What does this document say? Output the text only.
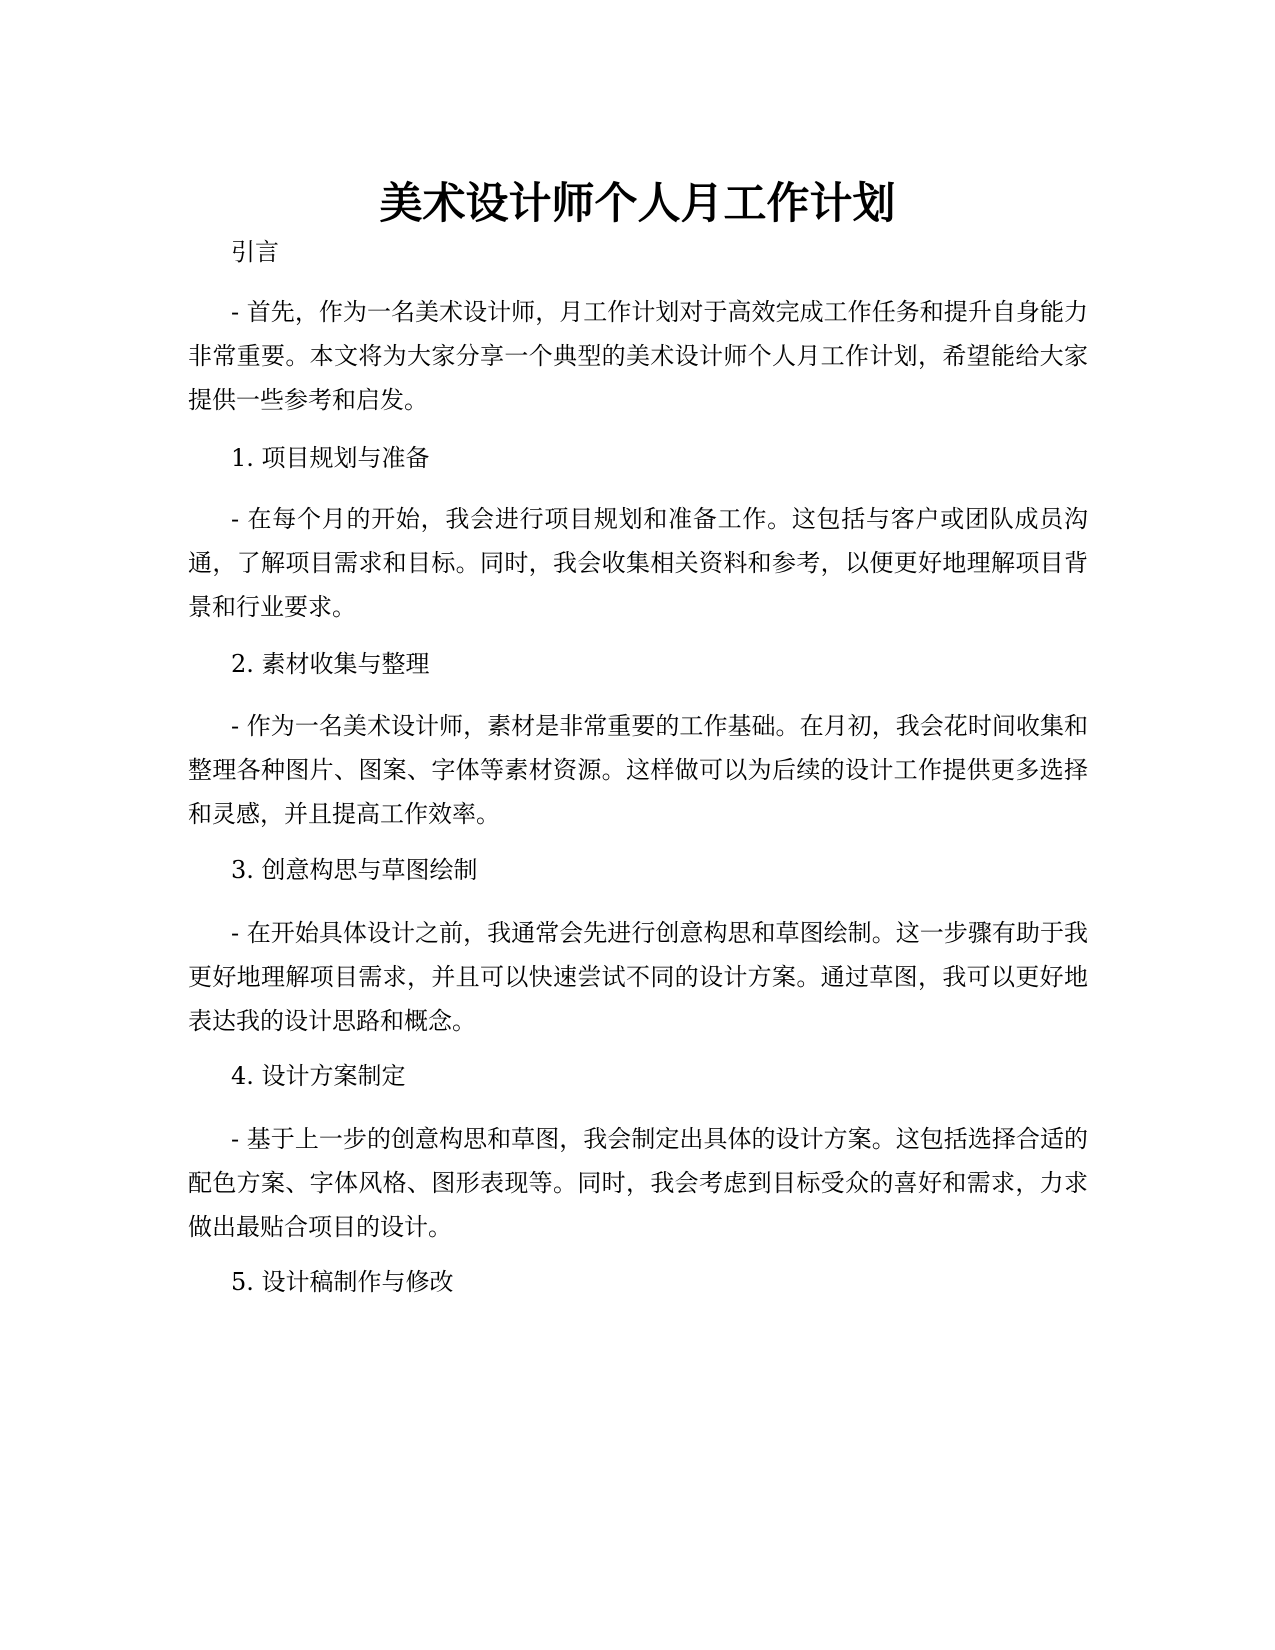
美术设计师个人月工作计划

引言

- 首先，作为一名美术设计师，月工作计划对于高效完成工作任务和提升自身能力非常重要。本文将为大家分享一个典型的美术设计师个人月工作计划，希望能给大家提供一些参考和启发。

1. 项目规划与准备

- 在每个月的开始，我会进行项目规划和准备工作。这包括与客户或团队成员沟通，了解项目需求和目标。同时，我会收集相关资料和参考，以便更好地理解项目背景和行业要求。

2. 素材收集与整理

- 作为一名美术设计师，素材是非常重要的工作基础。在月初，我会花时间收集和整理各种图片、图案、字体等素材资源。这样做可以为后续的设计工作提供更多选择和灵感，并且提高工作效率。

3. 创意构思与草图绘制

- 在开始具体设计之前，我通常会先进行创意构思和草图绘制。这一步骤有助于我更好地理解项目需求，并且可以快速尝试不同的设计方案。通过草图，我可以更好地表达我的设计思路和概念。

4. 设计方案制定

- 基于上一步的创意构思和草图，我会制定出具体的设计方案。这包括选择合适的配色方案、字体风格、图形表现等。同时，我会考虑到目标受众的喜好和需求，力求做出最贴合项目的设计。

5. 设计稿制作与修改
